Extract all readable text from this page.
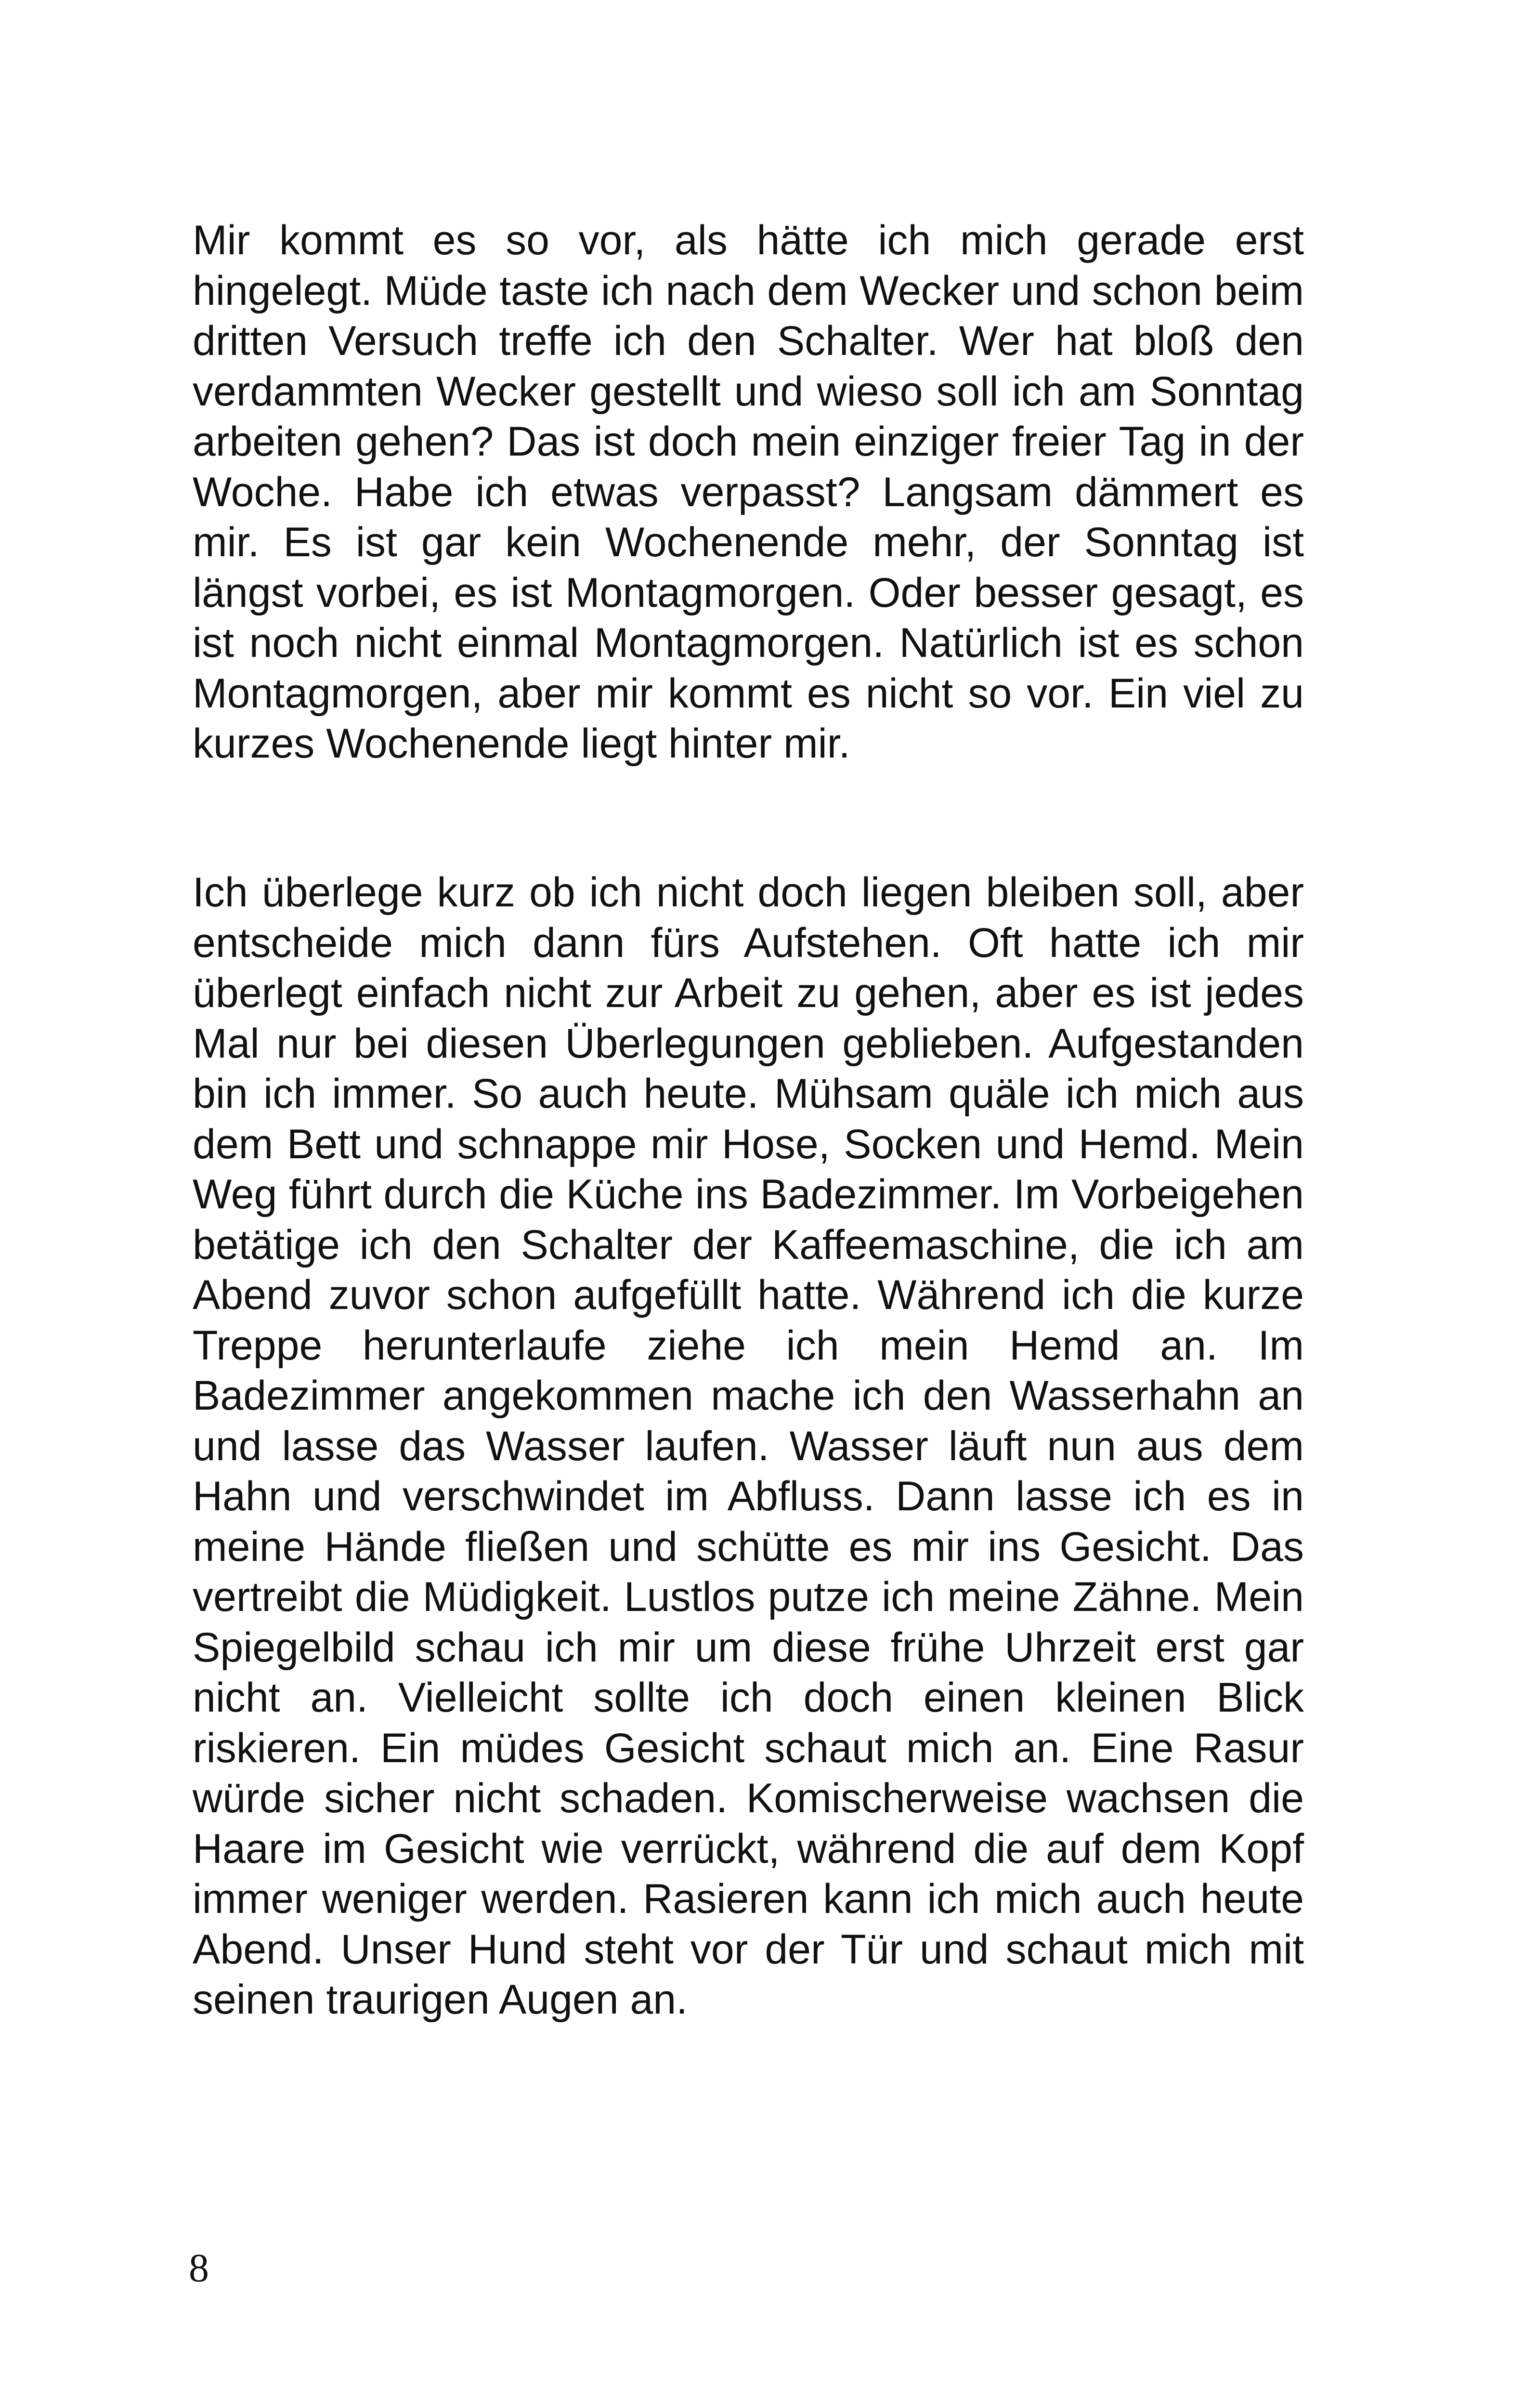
Mir kommt es so vor, als hätte ich mich gerade erst hingelegt. Müde taste ich nach dem Wecker und schon beim dritten Versuch treffe ich den Schalter. Wer hat bloß den verdammten Wecker gestellt und wieso soll ich am Sonntag arbeiten gehen? Das ist doch mein einziger freier Tag in der Woche. Habe ich etwas verpasst? Langsam dämmert es mir. Es ist gar kein Wochenende mehr, der Sonntag ist längst vorbei, es ist Montagmorgen. Oder besser gesagt, es ist noch nicht einmal Montagmorgen. Natürlich ist es schon Montagmorgen, aber mir kommt es nicht so vor. Ein viel zu kurzes Wochenende liegt hinter mir.

Ich überlege kurz ob ich nicht doch liegen bleiben soll, aber entscheide mich dann fürs Aufstehen. Oft hatte ich mir überlegt einfach nicht zur Arbeit zu gehen, aber es ist jedes Mal nur bei diesen Überlegungen geblieben. Aufgestanden bin ich immer. So auch heute. Mühsam quäle ich mich aus dem Bett und schnappe mir Hose, Socken und Hemd. Mein Weg führt durch die Küche ins Badezimmer. Im Vorbeigehen betätige ich den Schalter der Kaffeemaschine, die ich am Abend zuvor schon aufgefüllt hatte. Während ich die kurze Treppe herunterlaufe ziehe ich mein Hemd an. Im Badezimmer angekommen mache ich den Wasserhahn an und lasse das Wasser laufen. Wasser läuft nun aus dem Hahn und verschwindet im Abfluss. Dann lasse ich es in meine Hände fließen und schütte es mir ins Gesicht. Das vertreibt die Müdigkeit. Lustlos putze ich meine Zähne. Mein Spiegelbild schau ich mir um diese frühe Uhrzeit erst gar nicht an. Vielleicht sollte ich doch einen kleinen Blick riskieren. Ein müdes Gesicht schaut mich an. Eine Rasur würde sicher nicht schaden. Komischerweise wachsen die Haare im Gesicht wie verrückt, während die auf dem Kopf immer weniger werden. Rasieren kann ich mich auch heute Abend. Unser Hund steht vor der Tür und schaut mich mit seinen traurigen Augen an.

8
